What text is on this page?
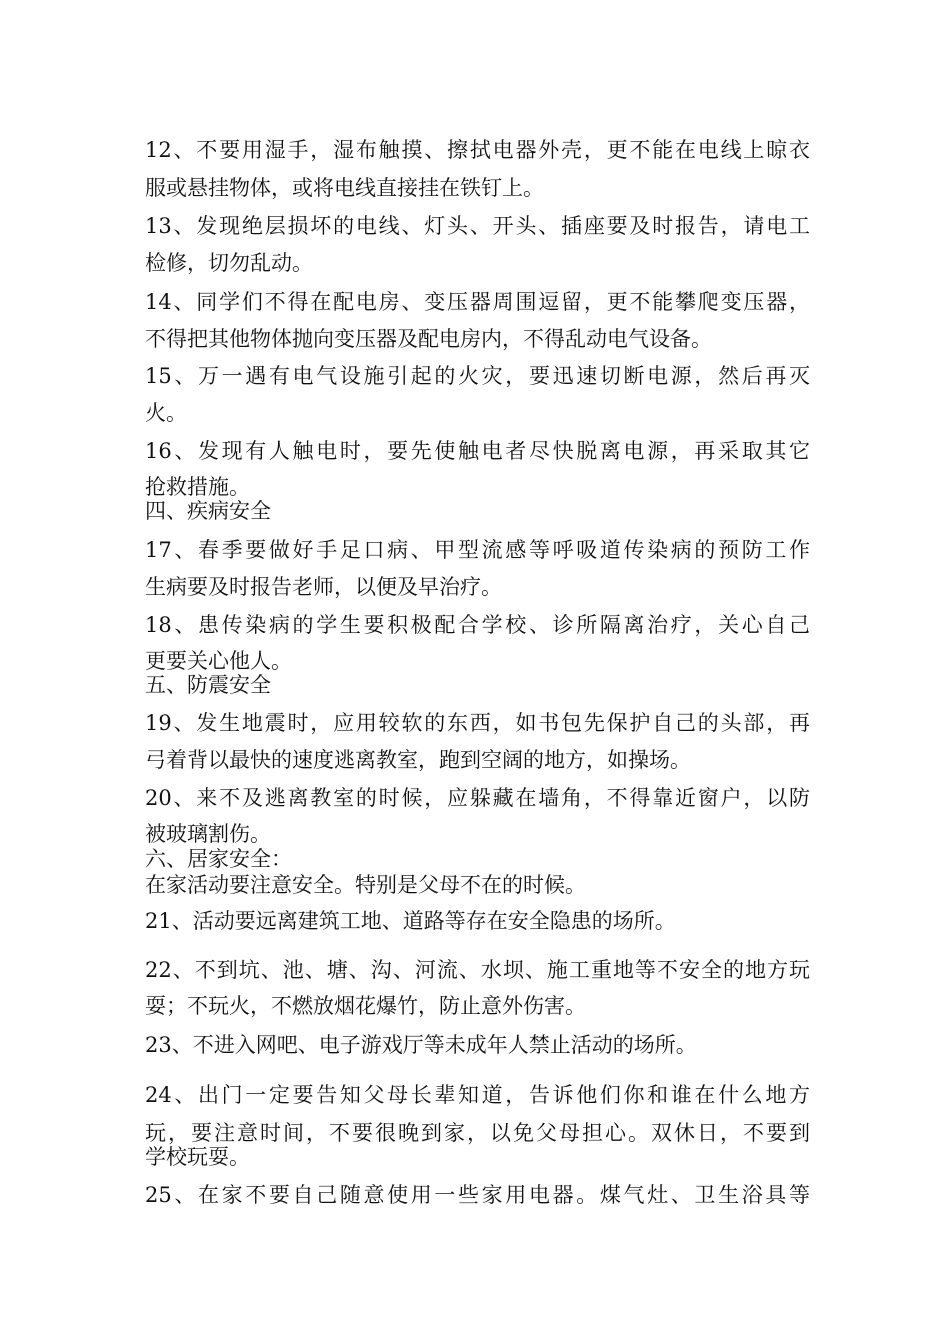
12、不要用湿手，湿布触摸、擦拭电器外壳，更不能在电线上晾衣
服或悬挂物体，或将电线直接挂在铁钉上。
13、发现绝层损坏的电线、灯头、开头、插座要及时报告，请电工
检修，切勿乱动。
14、同学们不得在配电房、变压器周围逗留，更不能攀爬变压器，
不得把其他物体抛向变压器及配电房内，不得乱动电气设备。
15、万一遇有电气设施引起的火灾，要迅速切断电源，然后再灭
火。
16、发现有人触电时，要先使触电者尽快脱离电源，再采取其它
抢救措施。
四、疾病安全
17、春季要做好手足口病、甲型流感等呼吸道传染病的预防工作
生病要及时报告老师，以便及早治疗。
18、患传染病的学生要积极配合学校、诊所隔离治疗，关心自己
更要关心他人。
五、防震安全
19、发生地震时，应用较软的东西，如书包先保护自己的头部，再
弓着背以最快的速度逃离教室，跑到空阔的地方，如操场。
20、来不及逃离教室的时候，应躲藏在墙角，不得靠近窗户，以防
被玻璃割伤。
六、居家安全：
在家活动要注意安全。特别是父母不在的时候。
21、活动要远离建筑工地、道路等存在安全隐患的场所。
22、不到坑、池、塘、沟、河流、水坝、施工重地等不安全的地方玩
耍；不玩火，不燃放烟花爆竹，防止意外伤害。
23、不进入网吧、电子游戏厅等未成年人禁止活动的场所。
24、出门一定要告知父母长辈知道，告诉他们你和谁在什么地方
玩，要注意时间，不要很晚到家，以免父母担心。双休日，不要到
学校玩耍。
25、在家不要自己随意使用一些家用电器。煤气灶、卫生浴具等
